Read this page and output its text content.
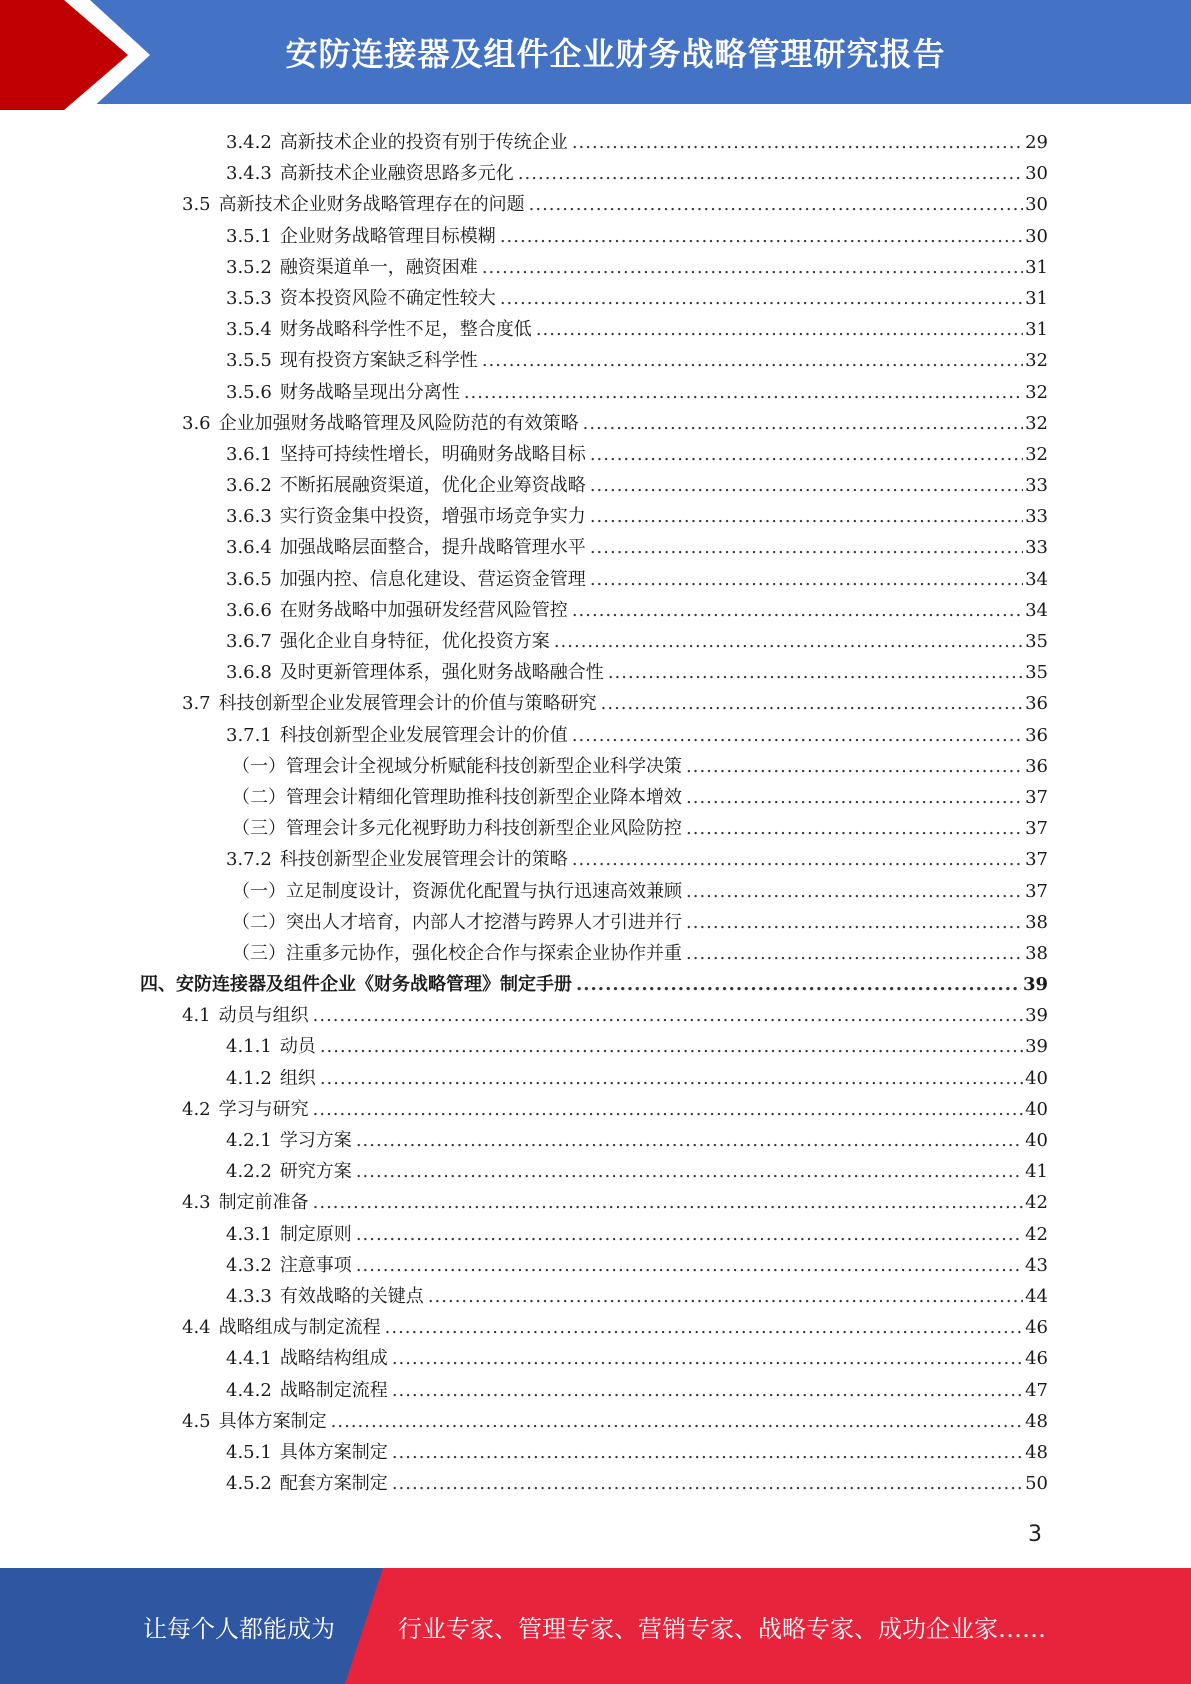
安防连接器及组件企业财务战略管理研究报告
3.4.2 高新技术企业的投资有别于传统企业 .....	29
3.4.3 高新技术企业融资思路多元化 .....	30
3.5 高新技术企业财务战略管理存在的问题 .....	30
3.5.1 企业财务战略管理目标模糊 .....	30
3.5.2 融资渠道单一，融资困难 .....	31
3.5.3 资本投资风险不确定性较大 .....	31
3.5.4 财务战略科学性不足，整合度低 .....	31
3.5.5 现有投资方案缺乏科学性 .....	32
3.5.6 财务战略呈现出分离性 .....	32
3.6 企业加强财务战略管理及风险防范的有效策略 .....	32
3.6.1 坚持可持续性增长，明确财务战略目标 .....	32
3.6.2 不断拓展融资渠道，优化企业筹资战略 .....	33
3.6.3 实行资金集中投资，增强市场竞争实力 .....	33
3.6.4 加强战略层面整合，提升战略管理水平 .....	33
3.6.5 加强内控、信息化建设、营运资金管理 .....	34
3.6.6 在财务战略中加强研发经营风险管控 .....	34
3.6.7 强化企业自身特征，优化投资方案 .....	35
3.6.8 及时更新管理体系，强化财务战略融合性 .....	35
3.7 科技创新型企业发展管理会计的价值与策略研究 .....	36
3.7.1 科技创新型企业发展管理会计的价值 .....	36
（一）管理会计全视域分析赋能科技创新型企业科学决策 .....	36
（二）管理会计精细化管理助推科技创新型企业降本增效 .....	37
（三）管理会计多元化视野助力科技创新型企业风险防控 .....	37
3.7.2 科技创新型企业发展管理会计的策略 .....	37
（一）立足制度设计，资源优化配置与执行迅速高效兼顾 .....	37
（二）突出人才培育，内部人才挖潜与跨界人才引进并行 .....	38
（三）注重多元协作，强化校企合作与探索企业协作并重 .....	38
四、安防连接器及组件企业《财务战略管理》制定手册 .....	39
4.1 动员与组织 .....	39
4.1.1 动员 .....	39
4.1.2 组织 .....	40
4.2 学习与研究 .....	40
4.2.1 学习方案 .....	40
4.2.2 研究方案 .....	41
4.3 制定前准备 .....	42
4.3.1 制定原则 .....	42
4.3.2 注意事项 .....	43
4.3.3 有效战略的关键点 .....	44
4.4 战略组成与制定流程 .....	46
4.4.1 战略结构组成 .....	46
4.4.2 战略制定流程 .....	47
4.5 具体方案制定 .....	48
4.5.1 具体方案制定 .....	48
4.5.2 配套方案制定 .....	50
3
让每个人都能成为	行业专家、管理专家、营销专家、战略专家、成功企业家……
